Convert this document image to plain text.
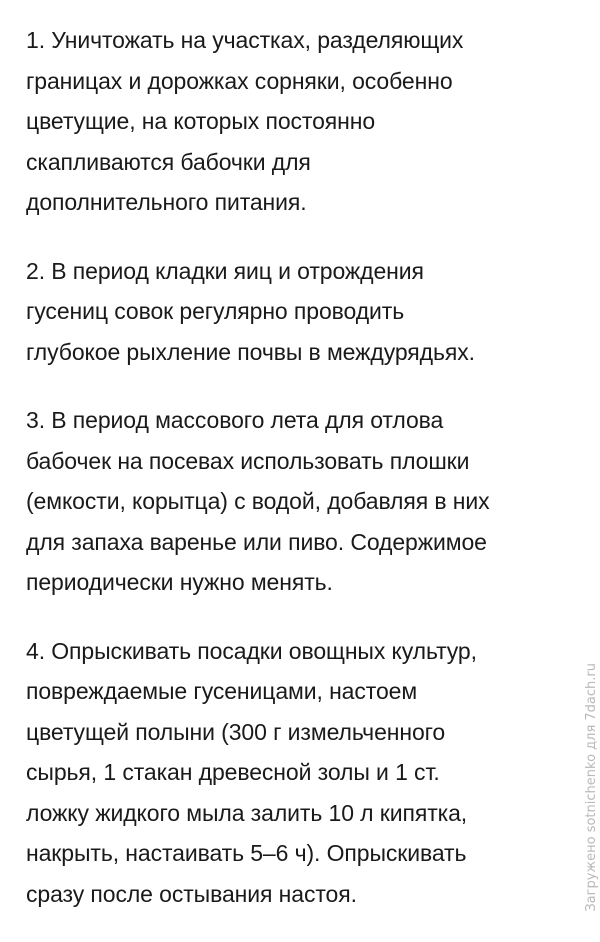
1. Уничтожать на участках, разделяющих
границах и дорожках сорняки, особенно
цветущие, на которых постоянно
скапливаются бабочки для
дополнительного питания.

2. В период кладки яиц и отрождения
гусениц совок регулярно проводить
глубокое рыхление почвы в междурядьях.

3. В период массового лета для отлова
бабочек на посевах использовать плошки
(емкости, корытца) с водой, добавляя в них
для запаха варенье или пиво. Содержимое
периодически нужно менять.

4. Опрыскивать посадки овощных культур,
повреждаемые гусеницами, настоем
цветущей полыни (300 г измельченного
сырья, 1 стакан древесной золы и 1 ст.
ложку жидкого мыла залить 10 л кипятка,
накрыть, настаивать 5–6 ч). Опрыскивать
сразу после остывания настоя.	Загружено sotnichenko для 7dach.ru
